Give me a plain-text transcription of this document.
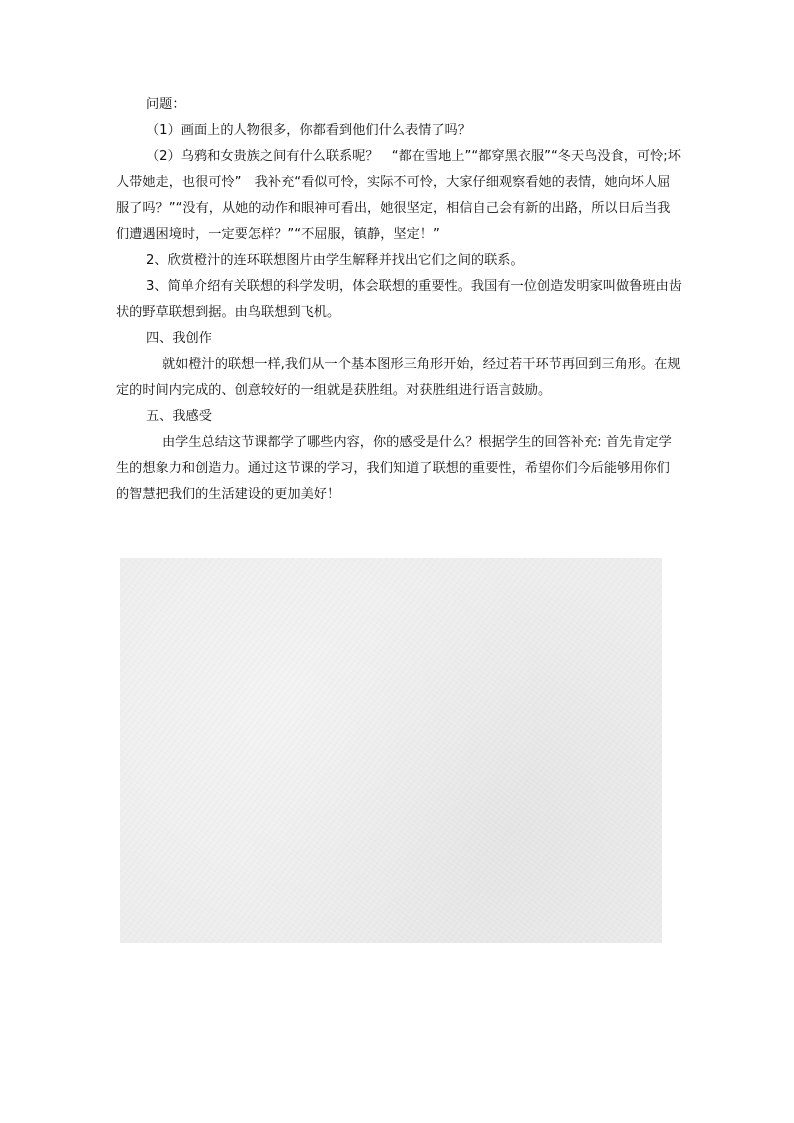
问题：

（1）画面上的人物很多，你都看到他们什么表情了吗？

（2）乌鸦和女贵族之间有什么联系呢？　“都在雪地上”“都穿黑衣服”“冬天鸟没食，可怜;坏人带她走，也很可怜”　我补充“看似可怜，实际不可怜，大家仔细观察看她的表情，她向坏人屈服了吗？”“没有，从她的动作和眼神可看出，她很坚定，相信自己会有新的出路，所以日后当我们遭遇困境时，一定要怎样？”“不屈服，镇静，坚定！”

2、欣赏橙汁的连环联想图片由学生解释并找出它们之间的联系。

3、简单介绍有关联想的科学发明，体会联想的重要性。我国有一位创造发明家叫做鲁班由齿状的野草联想到据。由鸟联想到飞机。

四、我创作

就如橙汁的联想一样,我们从一个基本图形三角形开始，经过若干环节再回到三角形。在规定的时间内完成的、创意较好的一组就是获胜组。对获胜组进行语言鼓励。

五、我感受

由学生总结这节课都学了哪些内容，你的感受是什么？根据学生的回答补充: 首先肯定学生的想象力和创造力。通过这节课的学习，我们知道了联想的重要性，希望你们今后能够用你们的智慧把我们的生活建设的更加美好！
